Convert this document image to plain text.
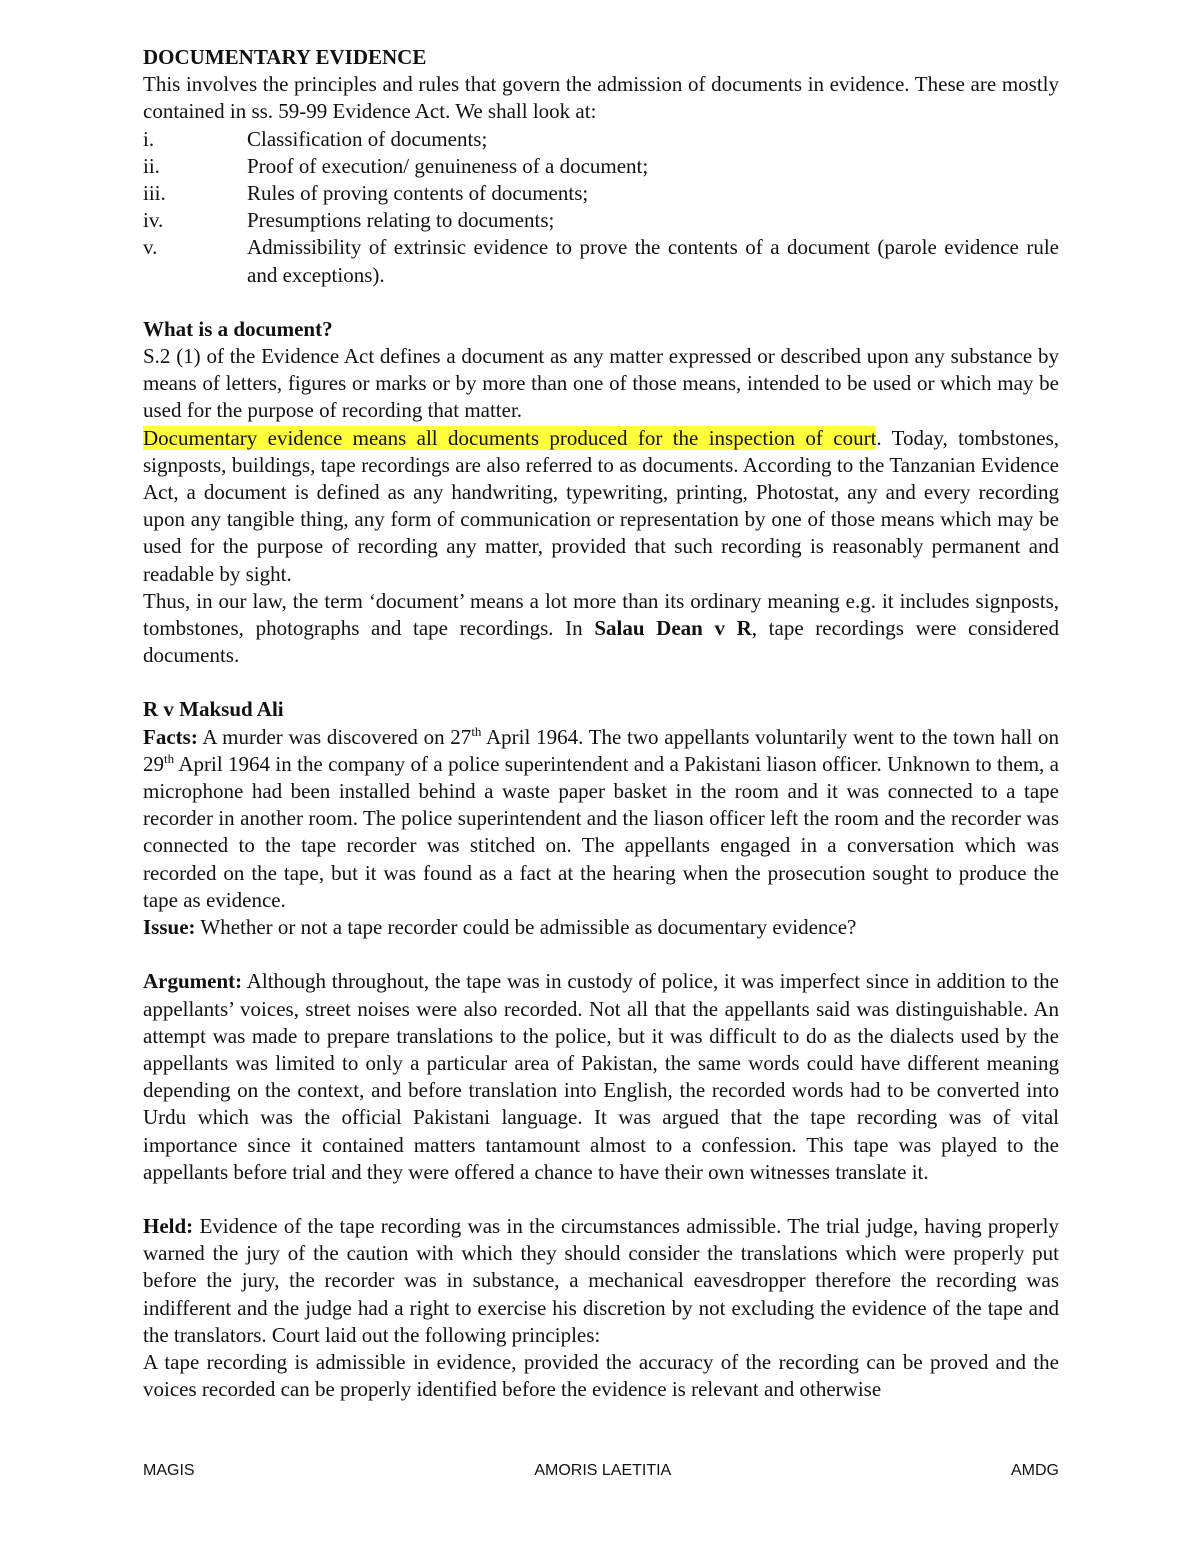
DOCUMENTARY EVIDENCE

This involves the principles and rules that govern the admission of documents in evidence. These are mostly contained in ss. 59-99 Evidence Act. We shall look at:

i.	Classification of documents;
ii.	Proof of execution/ genuineness of a document;
iii.	Rules of proving contents of documents;
iv.	Presumptions relating to documents;
v.	Admissibility of extrinsic evidence to prove the contents of a document (parole evidence rule and exceptions).

What is a document?

S.2 (1) of the Evidence Act defines a document as any matter expressed or described upon any substance by means of letters, figures or marks or by more than one of those means, intended to be used or which may be used for the purpose of recording that matter.

Documentary evidence means all documents produced for the inspection of court. Today, tombstones, signposts, buildings, tape recordings are also referred to as documents. According to the Tanzanian Evidence Act, a document is defined as any handwriting, typewriting, printing, Photostat, any and every recording upon any tangible thing, any form of communication or representation by one of those means which may be used for the purpose of recording any matter, provided that such recording is reasonably permanent and readable by sight.

Thus, in our law, the term ‘document’ means a lot more than its ordinary meaning e.g. it includes signposts, tombstones, photographs and tape recordings. In Salau Dean v R, tape recordings were considered documents.

R v Maksud Ali

Facts: A murder was discovered on 27th April 1964. The two appellants voluntarily went to the town hall on 29th April 1964 in the company of a police superintendent and a Pakistani liason officer. Unknown to them, a microphone had been installed behind a waste paper basket in the room and it was connected to a tape recorder in another room. The police superintendent and the liason officer left the room and the recorder was connected to the tape recorder was stitched on. The appellants engaged in a conversation which was recorded on the tape, but it was found as a fact at the hearing when the prosecution sought to produce the tape as evidence.

Issue: Whether or not a tape recorder could be admissible as documentary evidence?

Argument: Although throughout, the tape was in custody of police, it was imperfect since in addition to the appellants’ voices, street noises were also recorded. Not all that the appellants said was distinguishable. An attempt was made to prepare translations to the police, but it was difficult to do as the dialects used by the appellants was limited to only a particular area of Pakistan, the same words could have different meaning depending on the context, and before translation into English, the recorded words had to be converted into Urdu which was the official Pakistani language. It was argued that the tape recording was of vital importance since it contained matters tantamount almost to a confession. This tape was played to the appellants before trial and they were offered a chance to have their own witnesses translate it.

Held: Evidence of the tape recording was in the circumstances admissible. The trial judge, having properly warned the jury of the caution with which they should consider the translations which were properly put before the jury, the recorder was in substance, a mechanical eavesdropper therefore the recording was indifferent and the judge had a right to exercise his discretion by not excluding the evidence of the tape and the translators. Court laid out the following principles:

A tape recording is admissible in evidence, provided the accuracy of the recording can be proved and the voices recorded can be properly identified before the evidence is relevant and otherwise

MAGIS	AMORIS LAETITIA	AMDG
